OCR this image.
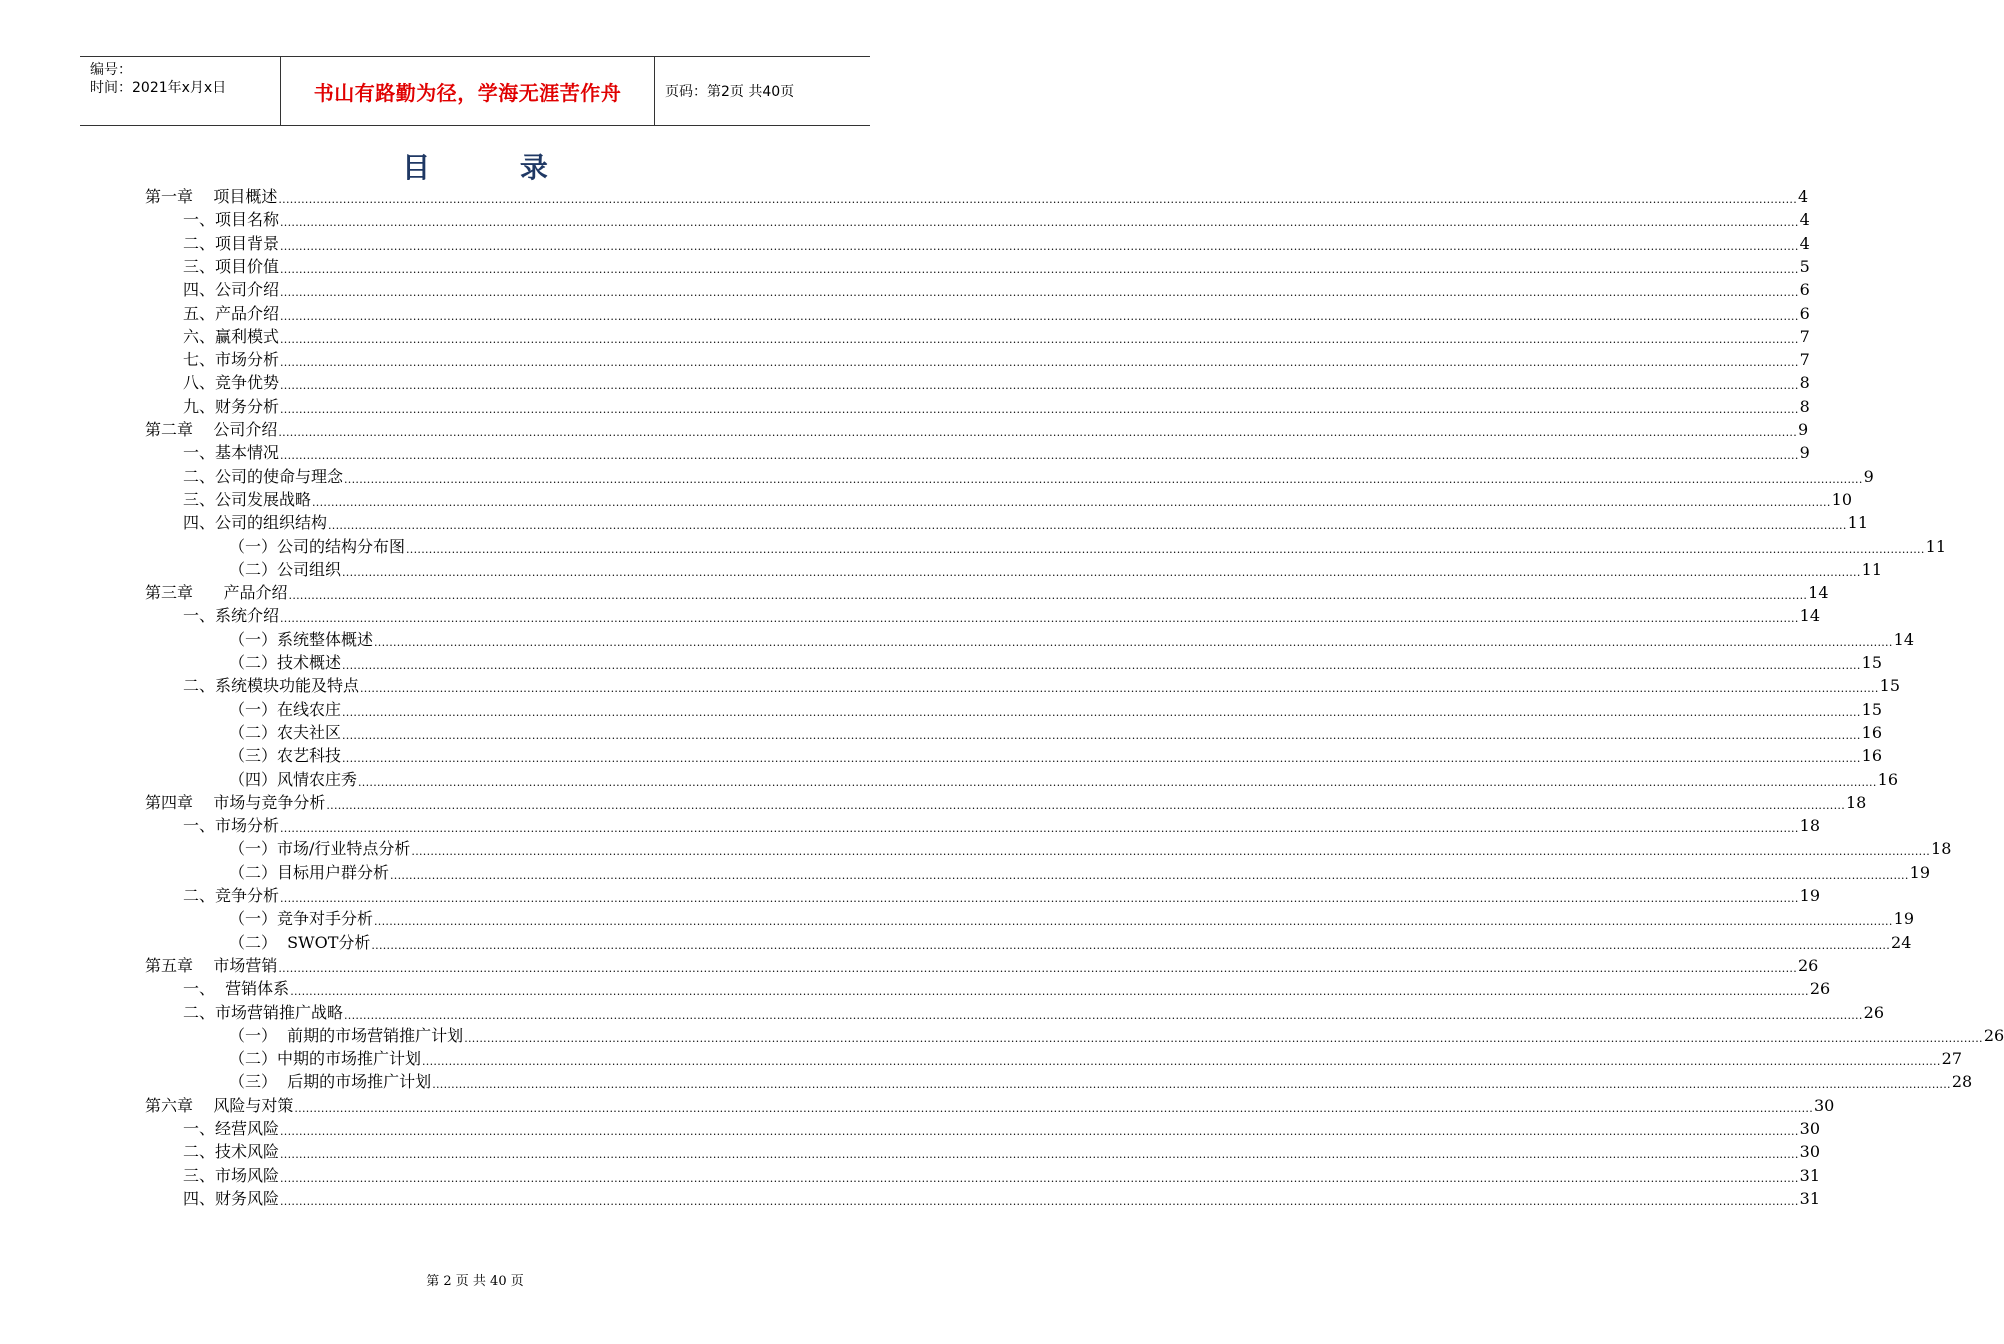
编号：
时间：2021年x月x日	书山有路勤为径，学海无涯苦作舟	页码：第2页 共40页
目 录
第一章    项目概述 ................................................................................................................................................................................................................................................................................................................................................................................................................ 4
一、项目名称 ................................................................................................................................................................................................................................................................................................................................................................................................................ 4
二、项目背景 ................................................................................................................................................................................................................................................................................................................................................................................................................ 4
三、项目价值 ................................................................................................................................................................................................................................................................................................................................................................................................................ 5
四、公司介绍 ................................................................................................................................................................................................................................................................................................................................................................................................................ 6
五、产品介绍 ................................................................................................................................................................................................................................................................................................................................................................................................................ 6
六、赢利模式 ................................................................................................................................................................................................................................................................................................................................................................................................................ 7
七、市场分析 ................................................................................................................................................................................................................................................................................................................................................................................................................ 7
八、竞争优势 ................................................................................................................................................................................................................................................................................................................................................................................................................ 8
九、财务分析 ................................................................................................................................................................................................................................................................................................................................................................................................................ 8
第二章    公司介绍 ................................................................................................................................................................................................................................................................................................................................................................................................................ 9
一、基本情况 ................................................................................................................................................................................................................................................................................................................................................................................................................ 9
二、公司的使命与理念 ................................................................................................................................................................................................................................................................................................................................................................................................................ 9
三、公司发展战略 ................................................................................................................................................................................................................................................................................................................................................................................................................ 10
四、公司的组织结构 ................................................................................................................................................................................................................................................................................................................................................................................................................ 11
（一）公司的结构分布图 ................................................................................................................................................................................................................................................................................................................................................................................................................ 11
（二）公司组织 ................................................................................................................................................................................................................................................................................................................................................................................................................ 11
第三章      产品介绍 ................................................................................................................................................................................................................................................................................................................................................................................................................ 14
一、系统介绍 ................................................................................................................................................................................................................................................................................................................................................................................................................ 14
（一）系统整体概述 ................................................................................................................................................................................................................................................................................................................................................................................................................ 14
（二）技术概述 ................................................................................................................................................................................................................................................................................................................................................................................................................ 15
二、系统模块功能及特点 ................................................................................................................................................................................................................................................................................................................................................................................................................ 15
（一）在线农庄 ................................................................................................................................................................................................................................................................................................................................................................................................................ 15
（二）农夫社区 ................................................................................................................................................................................................................................................................................................................................................................................................................ 16
（三）农艺科技 ................................................................................................................................................................................................................................................................................................................................................................................................................ 16
（四）风情农庄秀 ................................................................................................................................................................................................................................................................................................................................................................................................................ 16
第四章    市场与竞争分析 ................................................................................................................................................................................................................................................................................................................................................................................................................ 18
一、市场分析 ................................................................................................................................................................................................................................................................................................................................................................................................................ 18
（一）市场/行业特点分析 ................................................................................................................................................................................................................................................................................................................................................................................................................ 18
（二）目标用户群分析 ................................................................................................................................................................................................................................................................................................................................................................................................................ 19
二、竞争分析 ................................................................................................................................................................................................................................................................................................................................................................................................................ 19
（一）竞争对手分析 ................................................................................................................................................................................................................................................................................................................................................................................................................ 19
（二）  SWOT分析 ................................................................................................................................................................................................................................................................................................................................................................................................................ 24
第五章    市场营销 ................................................................................................................................................................................................................................................................................................................................................................................................................ 26
一、  营销体系 ................................................................................................................................................................................................................................................................................................................................................................................................................ 26
二、市场营销推广战略 ................................................................................................................................................................................................................................................................................................................................................................................................................ 26
（一）  前期的市场营销推广计划 ................................................................................................................................................................................................................................................................................................................................................................................................................ 26
（二）中期的市场推广计划 ................................................................................................................................................................................................................................................................................................................................................................................................................ 27
（三）  后期的市场推广计划 ................................................................................................................................................................................................................................................................................................................................................................................................................ 28
第六章    风险与对策 ................................................................................................................................................................................................................................................................................................................................................................................................................ 30
一、经营风险 ................................................................................................................................................................................................................................................................................................................................................................................................................ 30
二、技术风险 ................................................................................................................................................................................................................................................................................................................................................................................................................ 30
三、市场风险 ................................................................................................................................................................................................................................................................................................................................................................................................................ 31
四、财务风险 ................................................................................................................................................................................................................................................................................................................................................................................................................ 31
第 2 页 共 40 页
